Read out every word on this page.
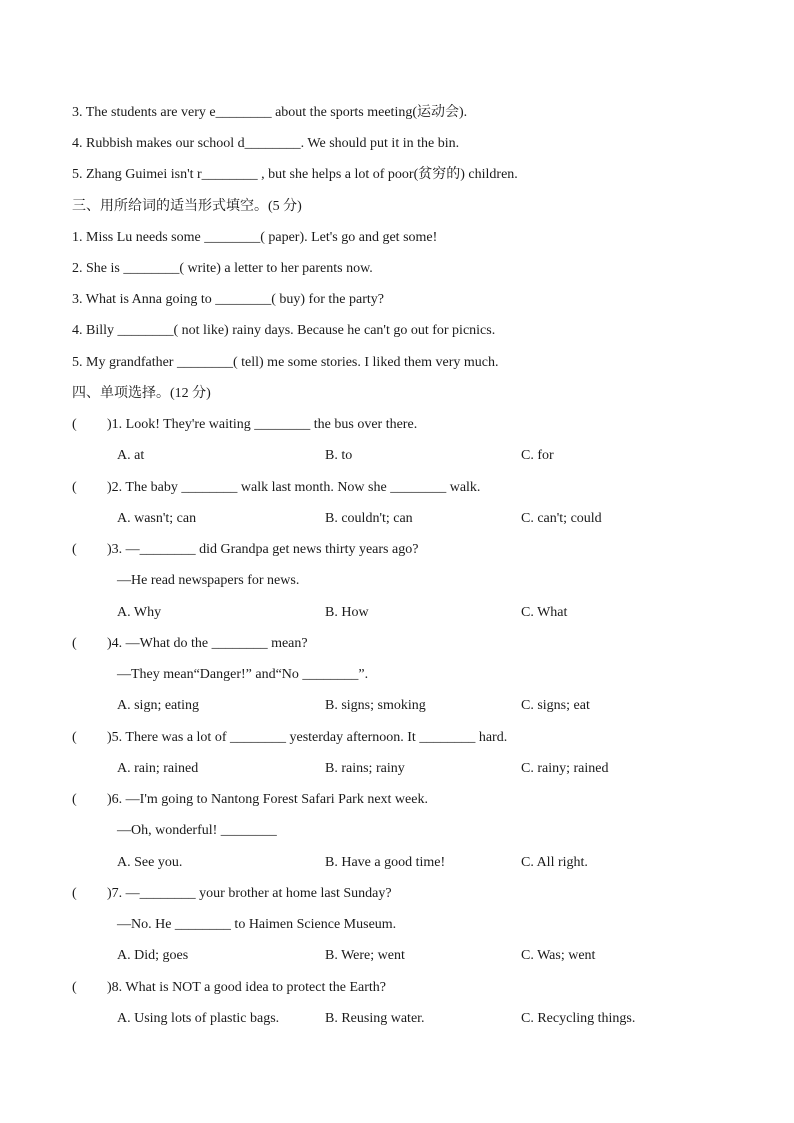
3. The students are very e________ about the sports meeting(运动会).
4. Rubbish makes our school d________. We should put it in the bin.
5. Zhang Guimei isn't r________ , but she helps a lot of poor(贫穷的) children.
三、用所给词的适当形式填空。(5 分)
1. Miss Lu needs some ________( paper). Let's go and get some!
2. She is ________( write) a letter to her parents now.
3. What is Anna going to ________( buy) for the party?
4. Billy ________( not like) rainy days. Because he can't go out for picnics.
5. My grandfather ________( tell) me some stories. I liked them very much.
四、单项选择。(12 分)
( )1. Look! They're waiting ________ the bus over there.
A. at	B. to	C. for
( )2. The baby ________ walk last month. Now she ________ walk.
A. wasn't; can	B. couldn't; can	C. can't; could
( )3. —________ did Grandpa get news thirty years ago?
—He read newspapers for news.
A. Why	B. How	C. What
( )4. —What do the ________ mean?
—They mean“Danger!” and“No ________”.
A. sign; eating	B. signs; smoking	C. signs; eat
( )5. There was a lot of ________ yesterday afternoon. It ________ hard.
A. rain; rained	B. rains; rainy	C. rainy; rained
( )6. —I'm going to Nantong Forest Safari Park next week.
—Oh, wonderful! ________
A. See you.	B. Have a good time!	C. All right.
( )7. —________ your brother at home last Sunday?
—No. He ________ to Haimen Science Museum.
A. Did; goes	B. Were; went	C. Was; went
( )8. What is NOT a good idea to protect the Earth?
A. Using lots of plastic bags.	B. Reusing water.	C. Recycling things.
